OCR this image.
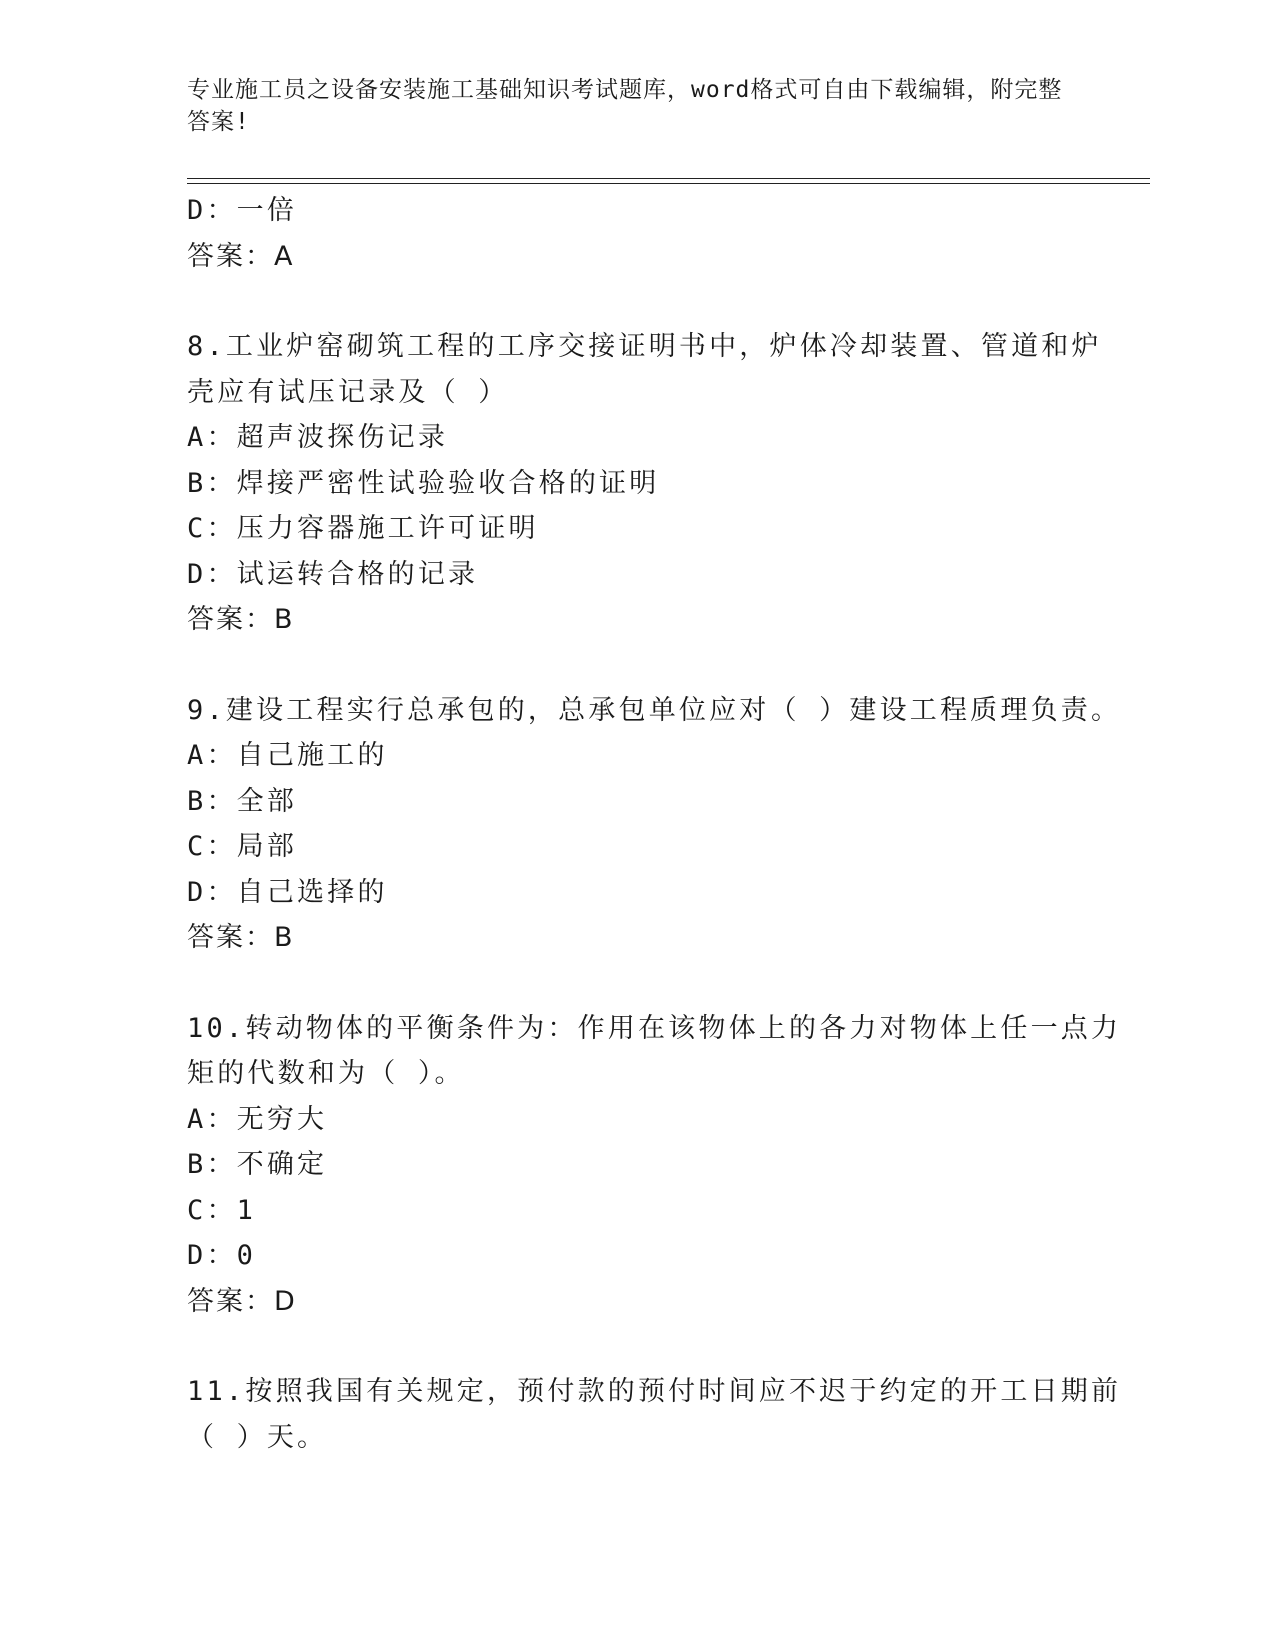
专业施工员之设备安装施工基础知识考试题库，word格式可自由下载编辑，附完整答案!
D：一倍
答案：A
8.工业炉窑砌筑工程的工序交接证明书中，炉体冷却装置、管道和炉
壳应有试压记录及（ ）
A：超声波探伤记录
B：焊接严密性试验验收合格的证明
C：压力容器施工许可证明
D：试运转合格的记录
答案：B
9.建设工程实行总承包的，总承包单位应对（ ）建设工程质理负责。
A：自己施工的
B：全部
C：局部
D：自己选择的
答案：B
10.转动物体的平衡条件为：作用在该物体上的各力对物体上任一点力
矩的代数和为（ ）。
A：无穷大
B：不确定
C：1
D：0
答案：D
11.按照我国有关规定，预付款的预付时间应不迟于约定的开工日期前
（ ）天。
